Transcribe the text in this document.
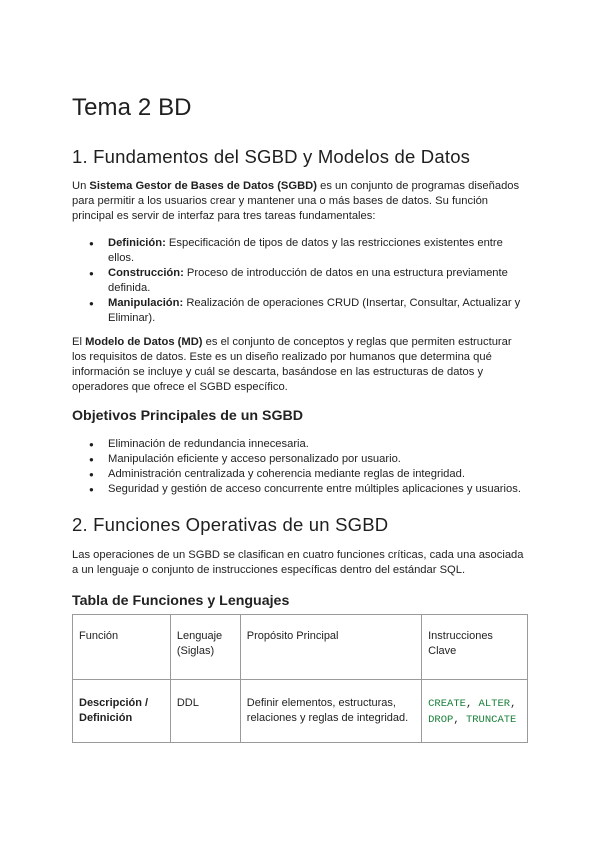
Tema 2 BD
1. Fundamentos del SGBD y Modelos de Datos

Un Sistema Gestor de Bases de Datos (SGBD) es un conjunto de programas diseñados para permitir a los usuarios crear y mantener una o más bases de datos. Su función principal es servir de interfaz para tres tareas fundamentales:

● Definición: Especificación de tipos de datos y las restricciones existentes entre ellos.
● Construcción: Proceso de introducción de datos en una estructura previamente definida.
● Manipulación: Realización de operaciones CRUD (Insertar, Consultar, Actualizar y Eliminar).

El Modelo de Datos (MD) es el conjunto de conceptos y reglas que permiten estructurar los requisitos de datos. Este es un diseño realizado por humanos que determina qué información se incluye y cuál se descarta, basándose en las estructuras de datos y operadores que ofrece el SGBD específico.

Objetivos Principales de un SGBD
● Eliminación de redundancia innecesaria.
● Manipulación eficiente y acceso personalizado por usuario.
● Administración centralizada y coherencia mediante reglas de integridad.
● Seguridad y gestión de acceso concurrente entre múltiples aplicaciones y usuarios.
2. Funciones Operativas de un SGBD

Las operaciones de un SGBD se clasifican en cuatro funciones críticas, cada una asociada a un lenguaje o conjunto de instrucciones específicas dentro del estándar SQL.

Tabla de Funciones y Lenguajes
Función	Lenguaje (Siglas)	Propósito Principal	Instrucciones Clave
Descripción / Definición	DDL	Definir elementos, estructuras, relaciones y reglas de integridad.	CREATE, ALTER,
DROP, TRUNCATE
